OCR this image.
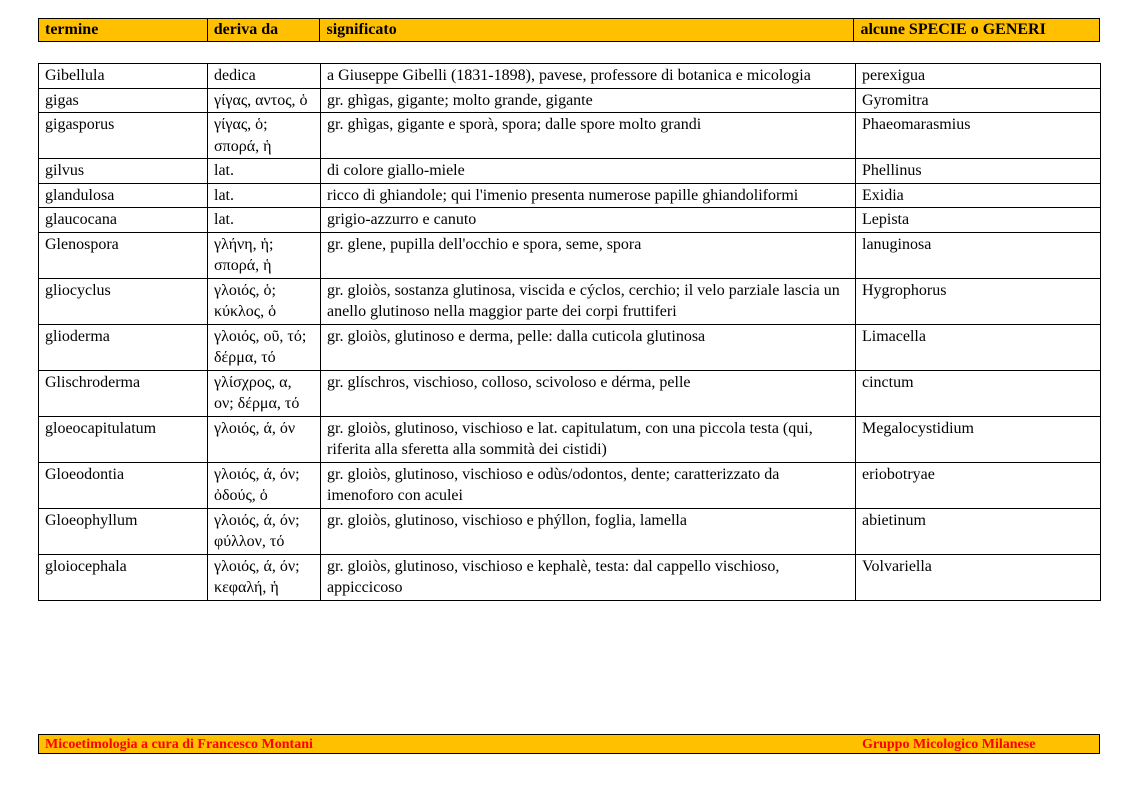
termine	deriva da	significato	alcune SPECIE o GENERI
Gibellula	dedica	a Giuseppe Gibelli (1831-1898), pavese, professore di botanica e micologia	perexigua
gigas	γίγας, αντος, ὁ	gr. ghìgas, gigante; molto grande, gigante	Gyromitra
gigasporus	γίγας, ὁ; σπορά, ἡ	gr. ghìgas, gigante e sporà, spora; dalle spore molto grandi	Phaeomarasmius
gilvus	lat.	di colore giallo-miele	Phellinus
glandulosa	lat.	ricco di ghiandole; qui l'imenio presenta numerose papille ghiandoliformi	Exidia
glaucocana	lat.	grigio-azzurro e canuto	Lepista
Glenospora	γλήνη, ἡ; σπορά, ἡ	gr. glene, pupilla dell'occhio e spora, seme, spora	lanuginosa
gliocyclus	γλοιός, ὁ; κύκλος, ὁ	gr. gloiòs, sostanza glutinosa, viscida e cýclos, cerchio; il velo parziale lascia un anello glutinoso nella maggior parte dei corpi fruttiferi	Hygrophorus
glioderma	γλοιός, οῦ, τό; δέρμα, τό	gr. gloiòs, glutinoso e derma, pelle: dalla cuticola glutinosa	Limacella
Glischroderma	γλίσχρος, α, ον; δέρμα, τό	gr. glíschros, vischioso, colloso, scivoloso e dérma, pelle	cinctum
gloeocapitulatum	γλοιός, ά, όν	gr. gloiòs, glutinoso, vischioso e lat. capitulatum, con una piccola testa (qui, riferita alla sferetta alla sommità dei cistidi)	Megalocystidium
Gloeodontia	γλοιός, ά, όν; ὀδούς, ὁ	gr. gloiòs, glutinoso, vischioso e odùs/odontos, dente; caratterizzato da imenoforo con aculei	eriobotryae
Gloeophyllum	γλοιός, ά, όν; φύλλον, τό	gr. gloiòs, glutinoso, vischioso e phýllon, foglia, lamella	abietinum
gloiocephala	γλοιός, ά, όν; κεφαλή, ἡ	gr. gloiòs, glutinoso, vischioso e kephalè, testa: dal cappello vischioso, appiccicoso	Volvariella
Micoetimologia a cura di Francesco Montani	Gruppo Micologico Milanese
